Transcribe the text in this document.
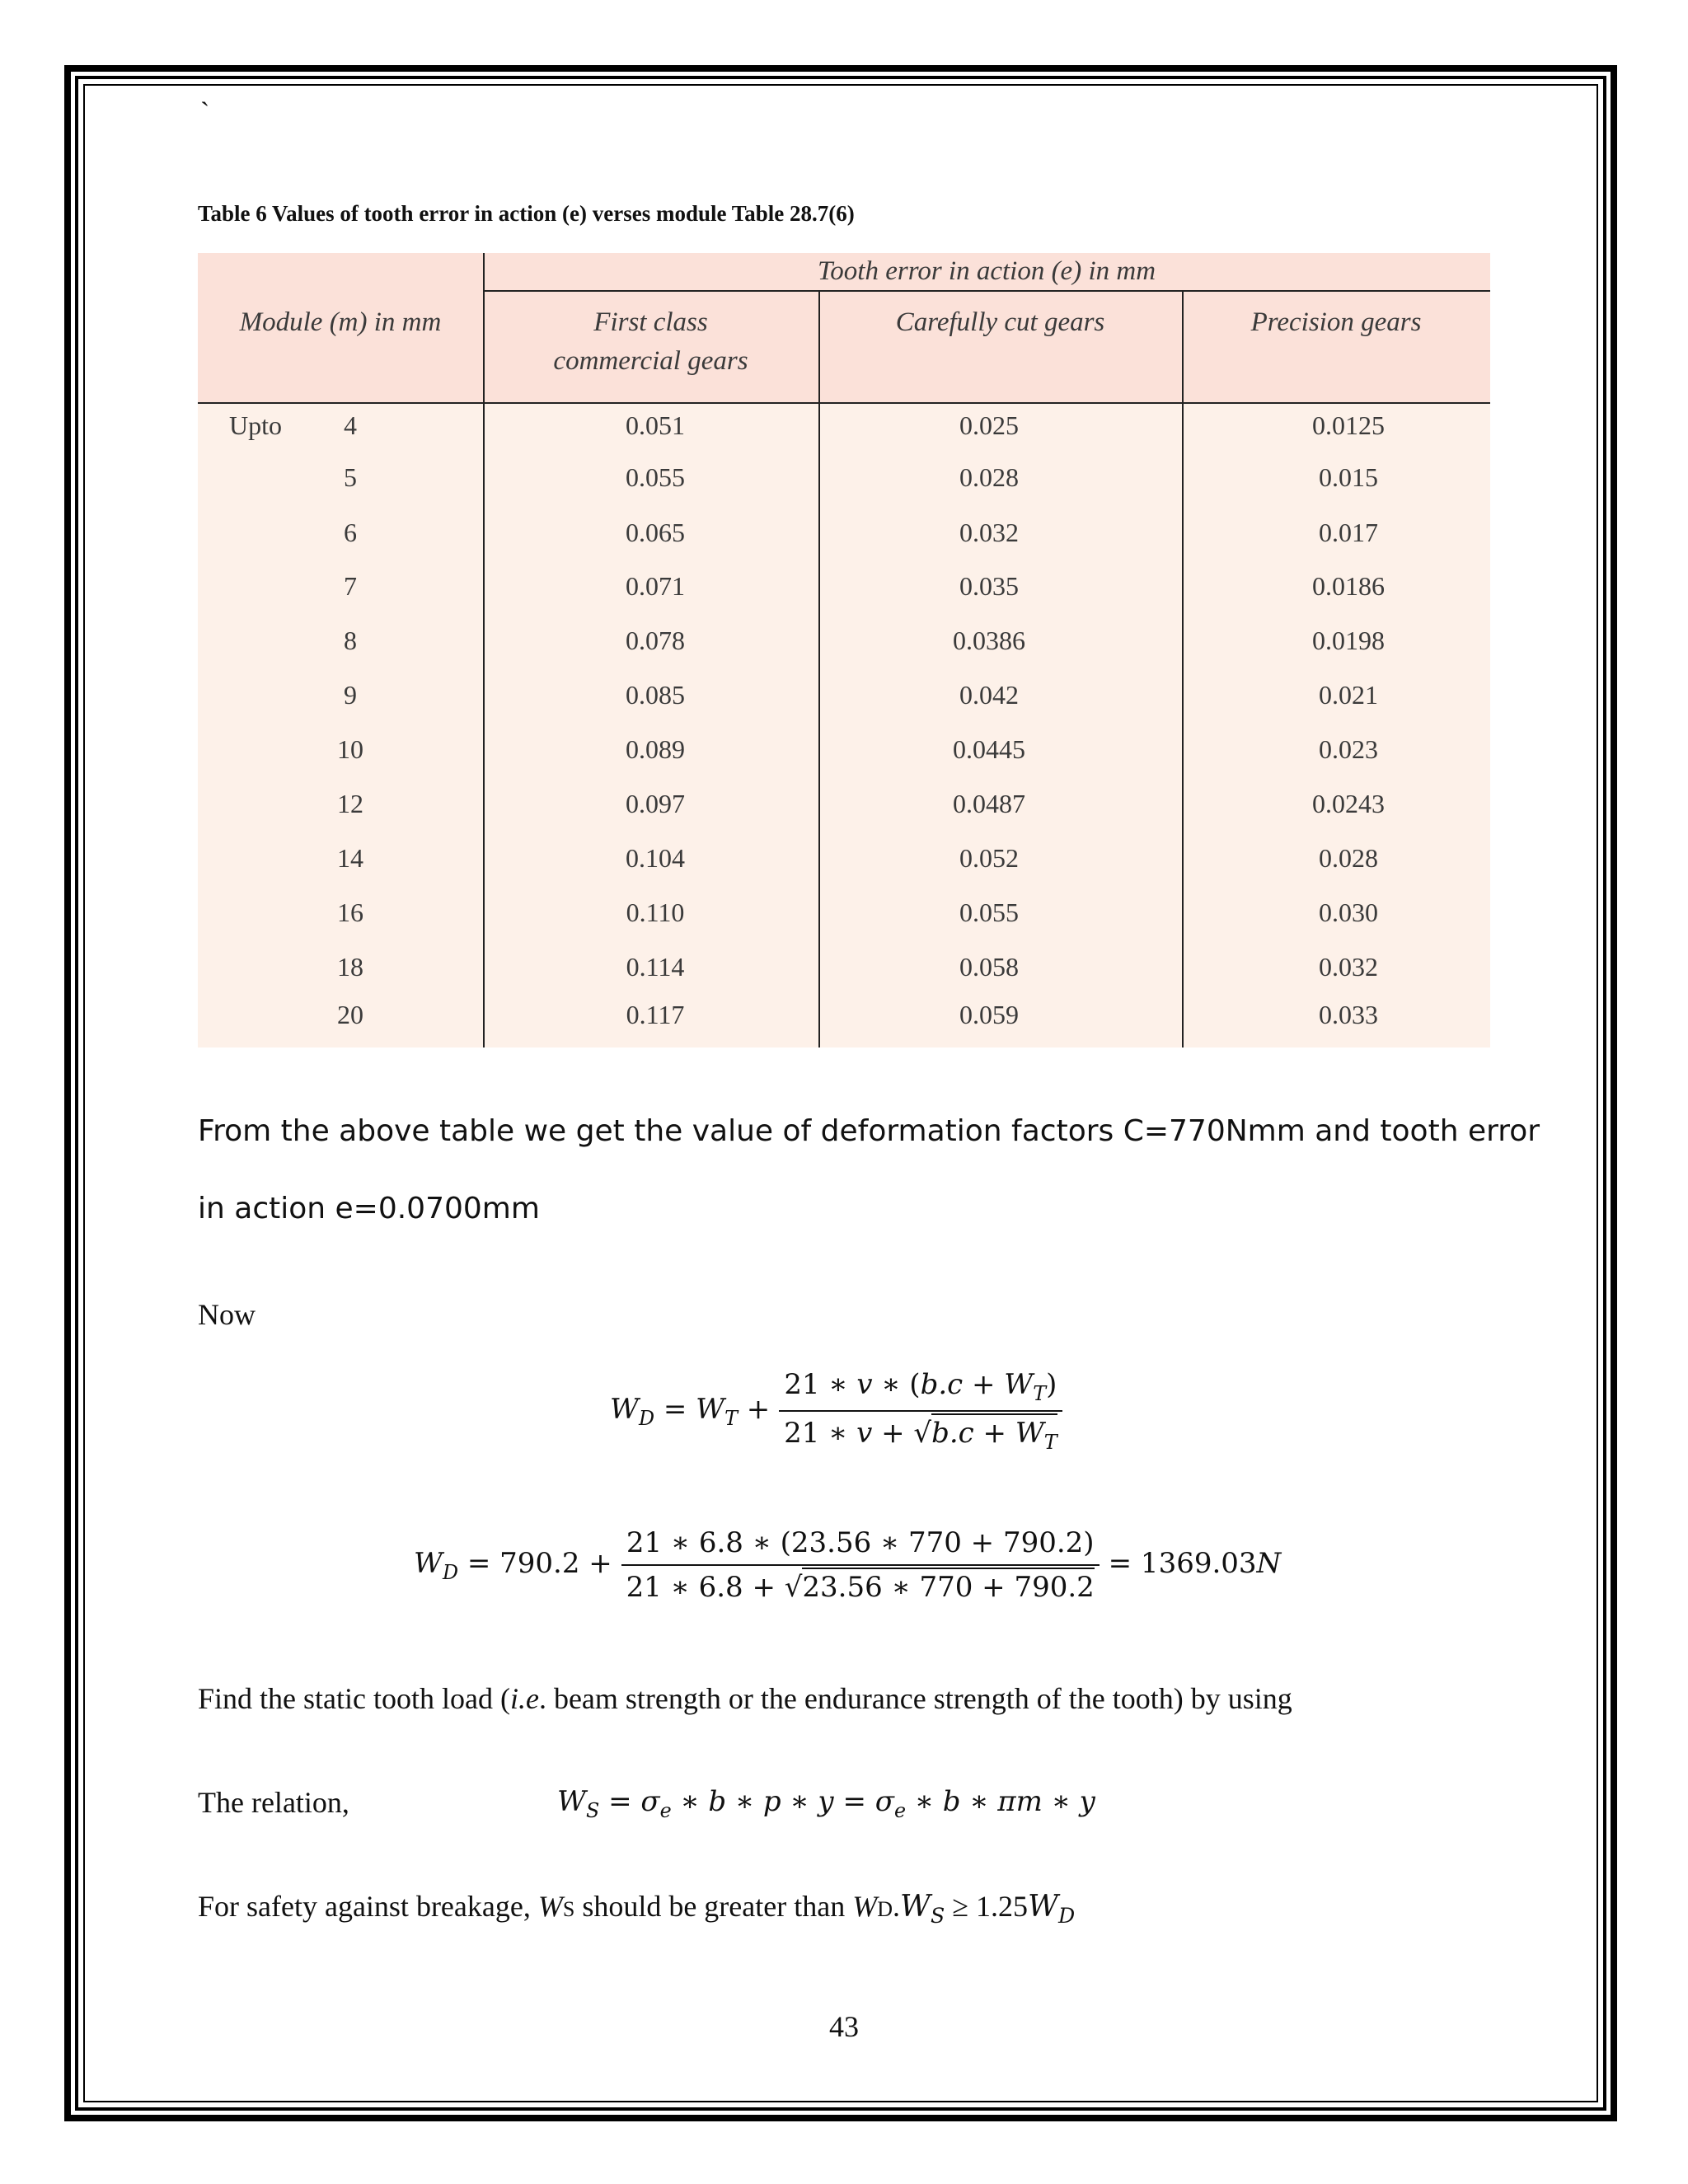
`
Table 6 Values of tooth error in action (e) verses module Table 28.7(6)
Tooth error in action (e) in mm
Module (m) in mm	First class
commercial gears
Carefully cut gears	Precision gears
Upto	4	0.051	0.025	0.0125
5	0.055	0.028	0.015
6	0.065	0.032	0.017
7	0.071	0.035	0.0186
8	0.078	0.0386	0.0198
9	0.085	0.042	0.021
10	0.089	0.0445	0.023
12	0.097	0.0487	0.0243
14	0.104	0.052	0.028
16	0.110	0.055	0.030
18	0.114	0.058	0.032
20	0.117	0.059	0.033
From the above table we get the value of deformation factors C=770Nmm and tooth error
in action e=0.0700mm
Now
$W_D = W_T + \frac{21 ∗ v ∗ (b.c + W_T)}{21 ∗ v + √b.c + W_T}$
$W_D = 790.2 + \frac{21 ∗ 6.8 ∗ (23.56 ∗ 770 + 790.2)}{21 ∗ 6.8 + √23.56 ∗ 770 + 790.2} = 1369.03N$
Find the static tooth load (i.e. beam strength or the endurance strength of the tooth) by using
The relation,	$W_S = \sigma_e$ ∗ b ∗ p ∗ $y = \sigma_e$ ∗ b ∗ πm ∗ y
For safety against breakage, WS should be greater than $WD.W_S \ge 1.25W_D$
43
